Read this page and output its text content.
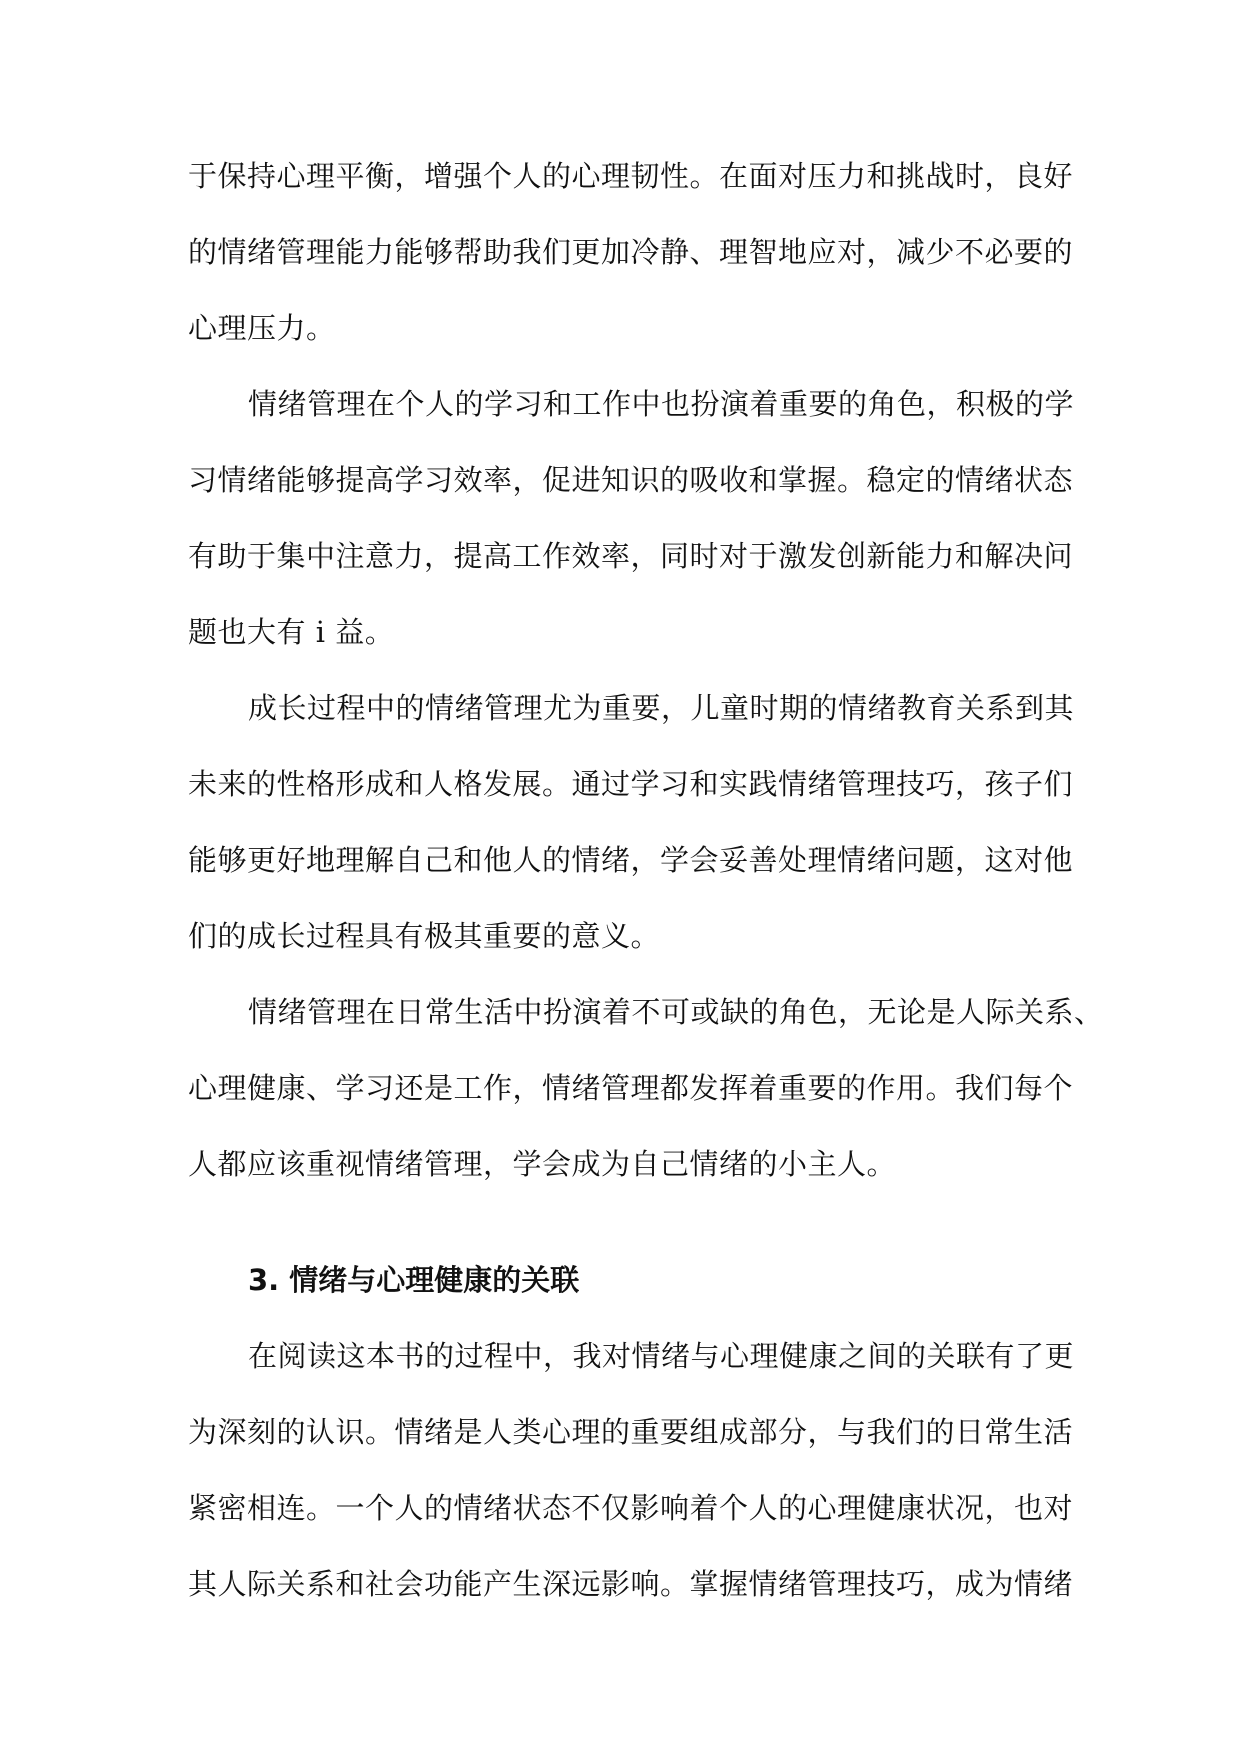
于保持心理平衡，增强个人的心理韧性。在面对压力和挑战时，良好
的情绪管理能力能够帮助我们更加冷静、理智地应对，减少不必要的
心理压力。
情绪管理在个人的学习和工作中也扮演着重要的角色，积极的学
习情绪能够提高学习效率，促进知识的吸收和掌握。稳定的情绪状态
有助于集中注意力，提高工作效率，同时对于激发创新能力和解决问
题也大有 i 益。
成长过程中的情绪管理尤为重要，儿童时期的情绪教育关系到其
未来的性格形成和人格发展。通过学习和实践情绪管理技巧，孩子们
能够更好地理解自己和他人的情绪，学会妥善处理情绪问题，这对他
们的成长过程具有极其重要的意义。
情绪管理在日常生活中扮演着不可或缺的角色，无论是人际关系、
心理健康、学习还是工作，情绪管理都发挥着重要的作用。我们每个
人都应该重视情绪管理，学会成为自己情绪的小主人。
3. 情绪与心理健康的关联
在阅读这本书的过程中，我对情绪与心理健康之间的关联有了更
为深刻的认识。情绪是人类心理的重要组成部分，与我们的日常生活
紧密相连。一个人的情绪状态不仅影响着个人的心理健康状况，也对
其人际关系和社会功能产生深远影响。掌握情绪管理技巧，成为情绪
